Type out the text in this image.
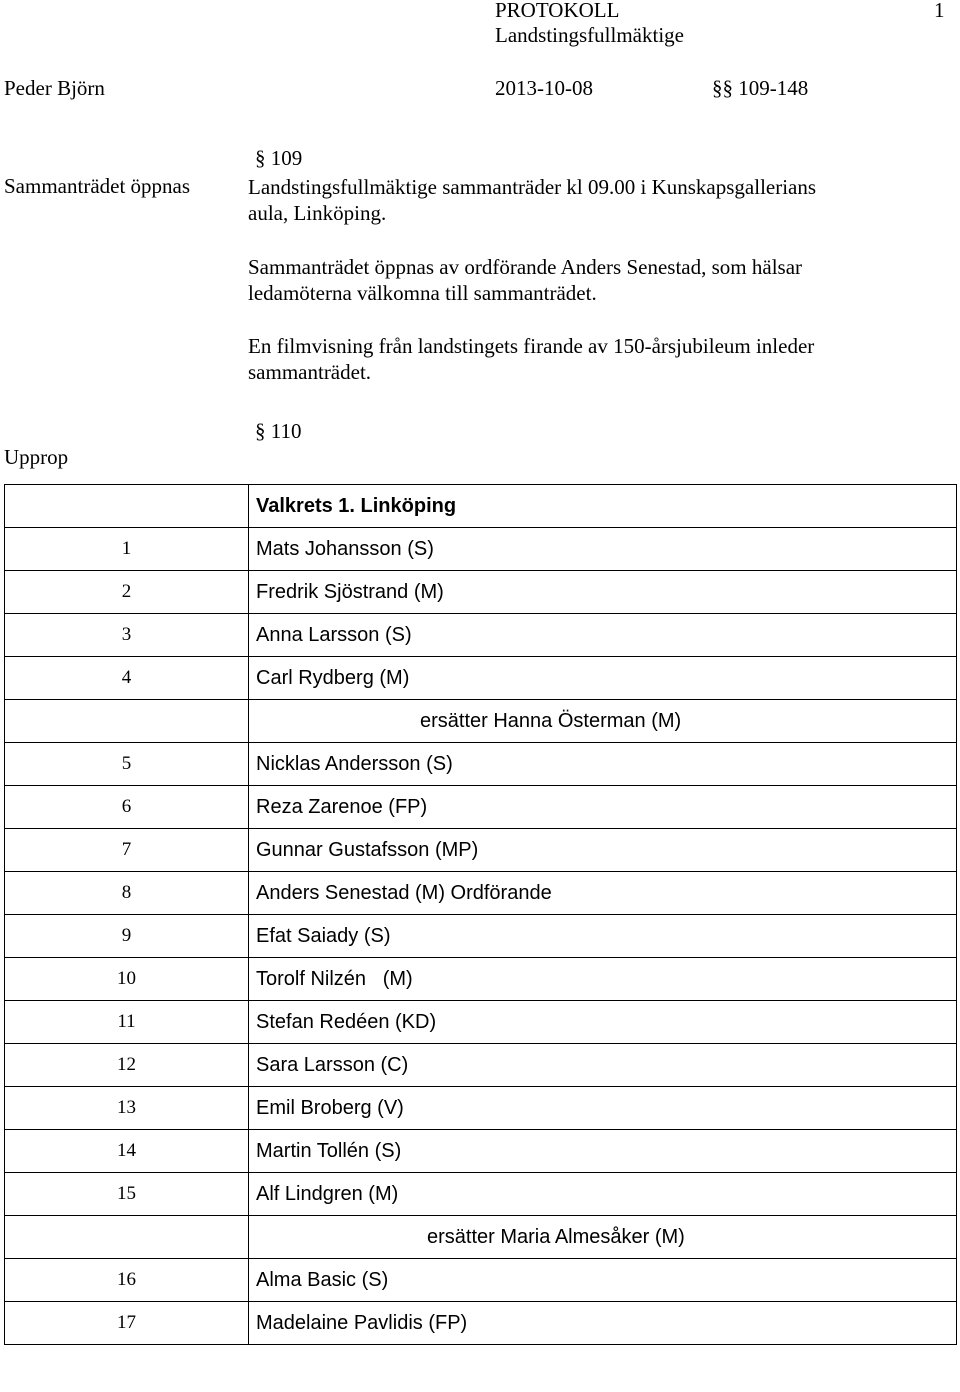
PROTOKOLL	1
Landstingsfullmäktige
Peder Björn	2013-10-08	§§ 109-148
§ 109
Sammanträdet öppnas	Landstingsfullmäktige sammanträder kl 09.00 i Kunskapsgallerians
aula, Linköping.
Sammanträdet öppnas av ordförande Anders Senestad, som hälsar
ledamöterna välkomna till sammanträdet.
En filmvisning från landstingets firande av 150-årsjubileum inleder
sammanträdet.
§ 110
Upprop
	Valkrets 1. Linköping
1	Mats Johansson (S)
2	Fredrik Sjöstrand (M)
3	Anna Larsson (S)
4	Carl Rydberg (M)
	ersätter Hanna Österman (M)
5	Nicklas Andersson (S)
6	Reza Zarenoe (FP)
7	Gunnar Gustafsson (MP)
8	Anders Senestad (M) Ordförande
9	Efat Saiady (S)
10	Torolf Nilzén   (M)
11	Stefan Redéen (KD)
12	Sara Larsson (C)
13	Emil Broberg (V)
14	Martin Tollén (S)
15	Alf Lindgren (M)
	ersätter Maria Almesåker (M)
16	Alma Basic (S)
17	Madelaine Pavlidis (FP)
